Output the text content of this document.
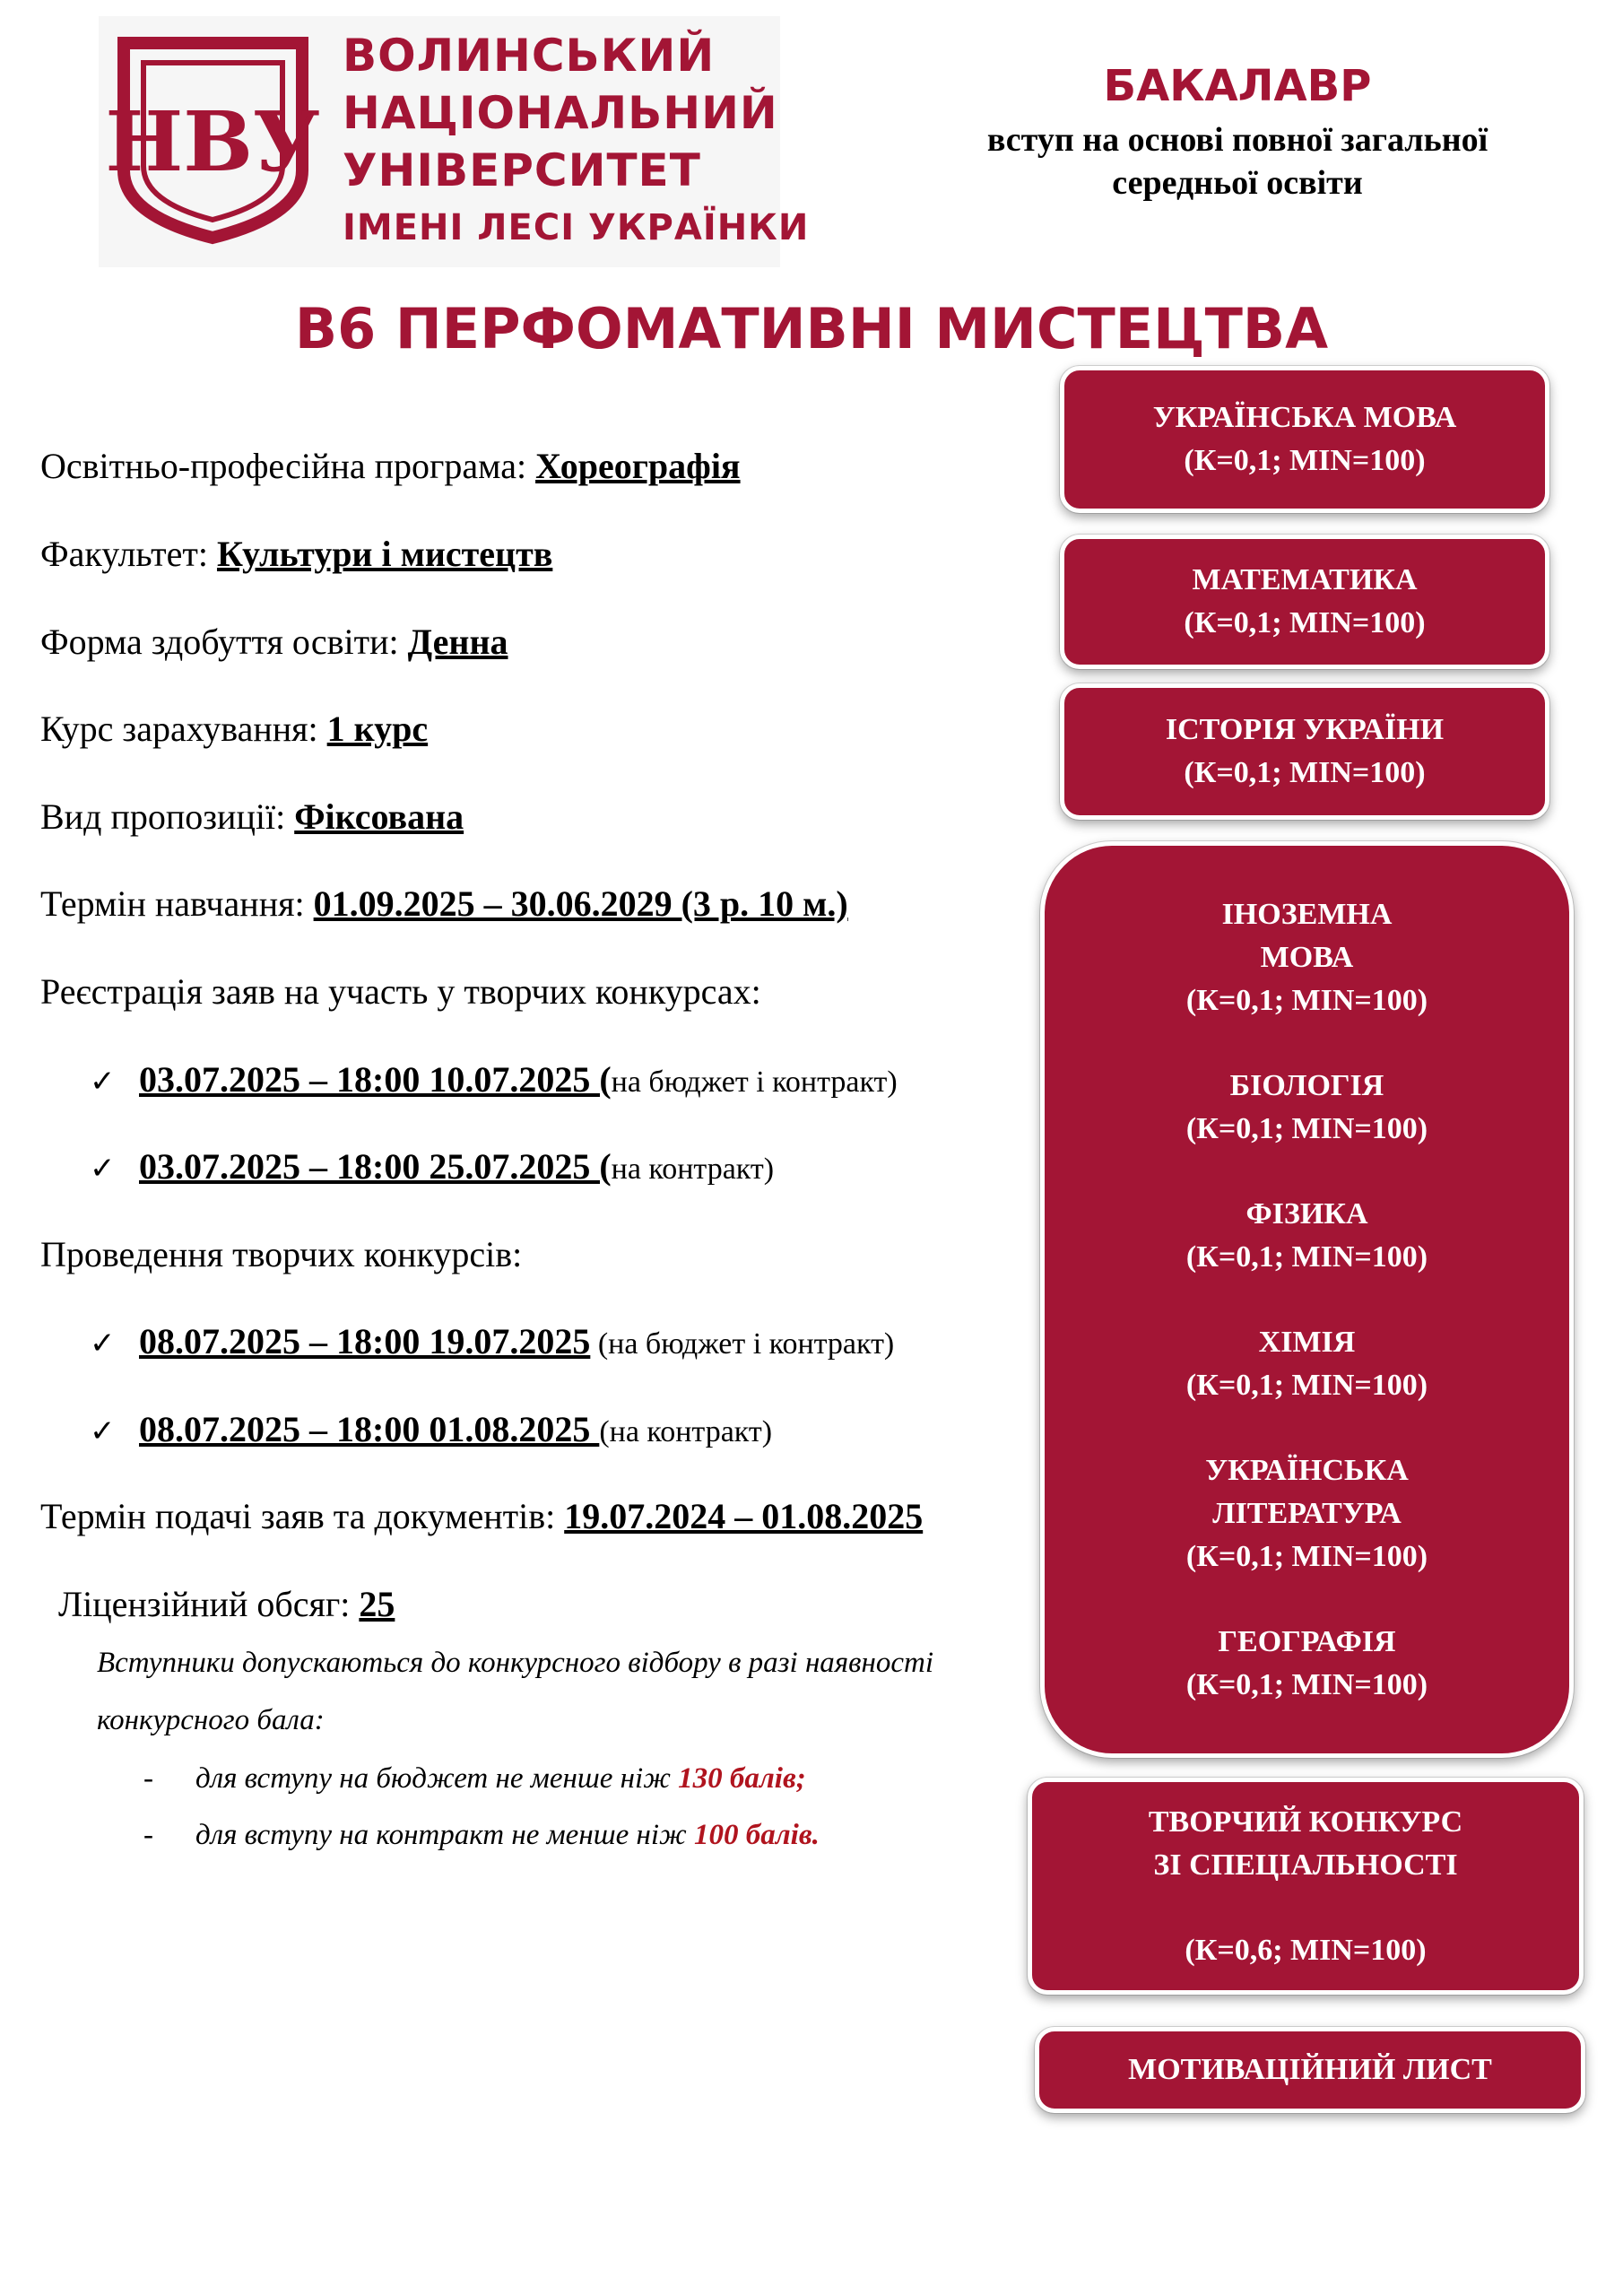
НВУ
ВОЛИНСЬКИЙ
НАЦІОНАЛЬНИЙ
УНІВЕРСИТЕТ
ІМЕНІ ЛЕСІ УКРАЇНКИ
БАКАЛАВР
вступ на основі повної загальної
середньої освіти
В6 ПЕРФОМАТИВНІ МИСТЕЦТВА
Освітньо-професійна програма: Хореографія
Факультет: Культури і мистецтв
Форма здобуття освіти: Денна
Курс зарахування: 1 курс
Вид пропозиції: Фіксована
Термін навчання: 01.09.2025 – 30.06.2029 (3 р. 10 м.)
Реєстрація заяв на участь у творчих конкурсах:
✓ 03.07.2025 – 18:00 10.07.2025 (на бюджет і контракт)
✓ 03.07.2025 – 18:00 25.07.2025 (на контракт)
Проведення творчих конкурсів:
✓ 08.07.2025 – 18:00 19.07.2025 (на бюджет і контракт)
✓ 08.07.2025 – 18:00 01.08.2025 (на контракт)
Термін подачі заяв та документів: 19.07.2024 – 01.08.2025
Ліцензійний обсяг: 25
Вступники допускаються до конкурсного відбору в разі наявності конкурсного бала:
- для вступу на бюджет не менше ніж 130 балів;
- для вступу на контракт не менше ніж 100 балів.
УКРАЇНСЬКА МОВА
(К=0,1; MIN=100)
МАТЕМАТИКА
(К=0,1; MIN=100)
ІСТОРІЯ УКРАЇНИ
(К=0,1; MIN=100)
ІНОЗЕМНА МОВА
(К=0,1; MIN=100)
БІОЛОГІЯ
(К=0,1; MIN=100)
ФІЗИКА
(К=0,1; MIN=100)
ХІМІЯ
(К=0,1; MIN=100)
УКРАЇНСЬКА ЛІТЕРАТУРА
(К=0,1; MIN=100)
ГЕОГРАФІЯ
(К=0,1; MIN=100)
ТВОРЧИЙ КОНКУРС
ЗІ СПЕЦІАЛЬНОСТІ
(К=0,6; MIN=100)
МОТИВАЦІЙНИЙ ЛИСТ
